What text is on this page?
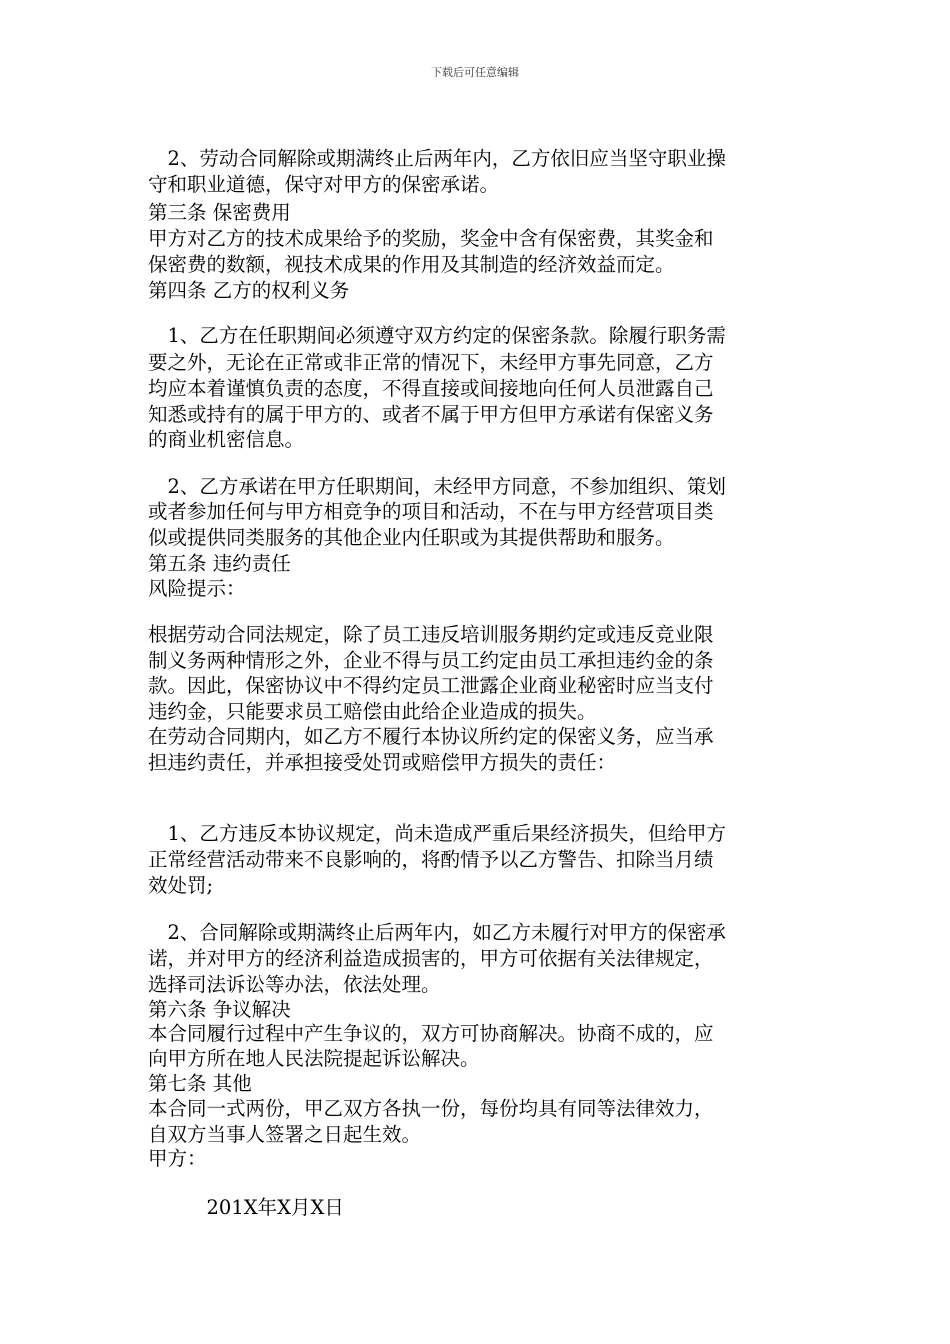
下载后可任意编辑
　2、劳动合同解除或期满终止后两年内，乙方依旧应当坚守职业操
守和职业道德，保守对甲方的保密承诺。
第三条 保密费用
甲方对乙方的技术成果给予的奖励，奖金中含有保密费，其奖金和
保密费的数额，视技术成果的作用及其制造的经济效益而定。
第四条 乙方的权利义务
　1、乙方在任职期间必须遵守双方约定的保密条款。除履行职务需
要之外，无论在正常或非正常的情况下，未经甲方事先同意，乙方
均应本着谨慎负责的态度，不得直接或间接地向任何人员泄露自己
知悉或持有的属于甲方的、或者不属于甲方但甲方承诺有保密义务
的商业机密信息。
　2、乙方承诺在甲方任职期间，未经甲方同意，不参加组织、策划
或者参加任何与甲方相竞争的项目和活动，不在与甲方经营项目类
似或提供同类服务的其他企业内任职或为其提供帮助和服务。
第五条 违约责任
风险提示：
根据劳动合同法规定，除了员工违反培训服务期约定或违反竞业限
制义务两种情形之外，企业不得与员工约定由员工承担违约金的条
款。因此，保密协议中不得约定员工泄露企业商业秘密时应当支付
违约金，只能要求员工赔偿由此给企业造成的损失。
在劳动合同期内，如乙方不履行本协议所约定的保密义务，应当承
担违约责任，并承担接受处罚或赔偿甲方损失的责任：
　1、乙方违反本协议规定，尚未造成严重后果经济损失，但给甲方
正常经营活动带来不良影响的，将酌情予以乙方警告、扣除当月绩
效处罚;
　2、合同解除或期满终止后两年内，如乙方未履行对甲方的保密承
诺，并对甲方的经济利益造成损害的，甲方可依据有关法律规定，
选择司法诉讼等办法，依法处理。
第六条 争议解决
本合同履行过程中产生争议的，双方可协商解决。协商不成的，应
向甲方所在地人民法院提起诉讼解决。
第七条 其他
本合同一式两份，甲乙双方各执一份，每份均具有同等法律效力，
自双方当事人签署之日起生效。
甲方：
　　　201X年X月X日
